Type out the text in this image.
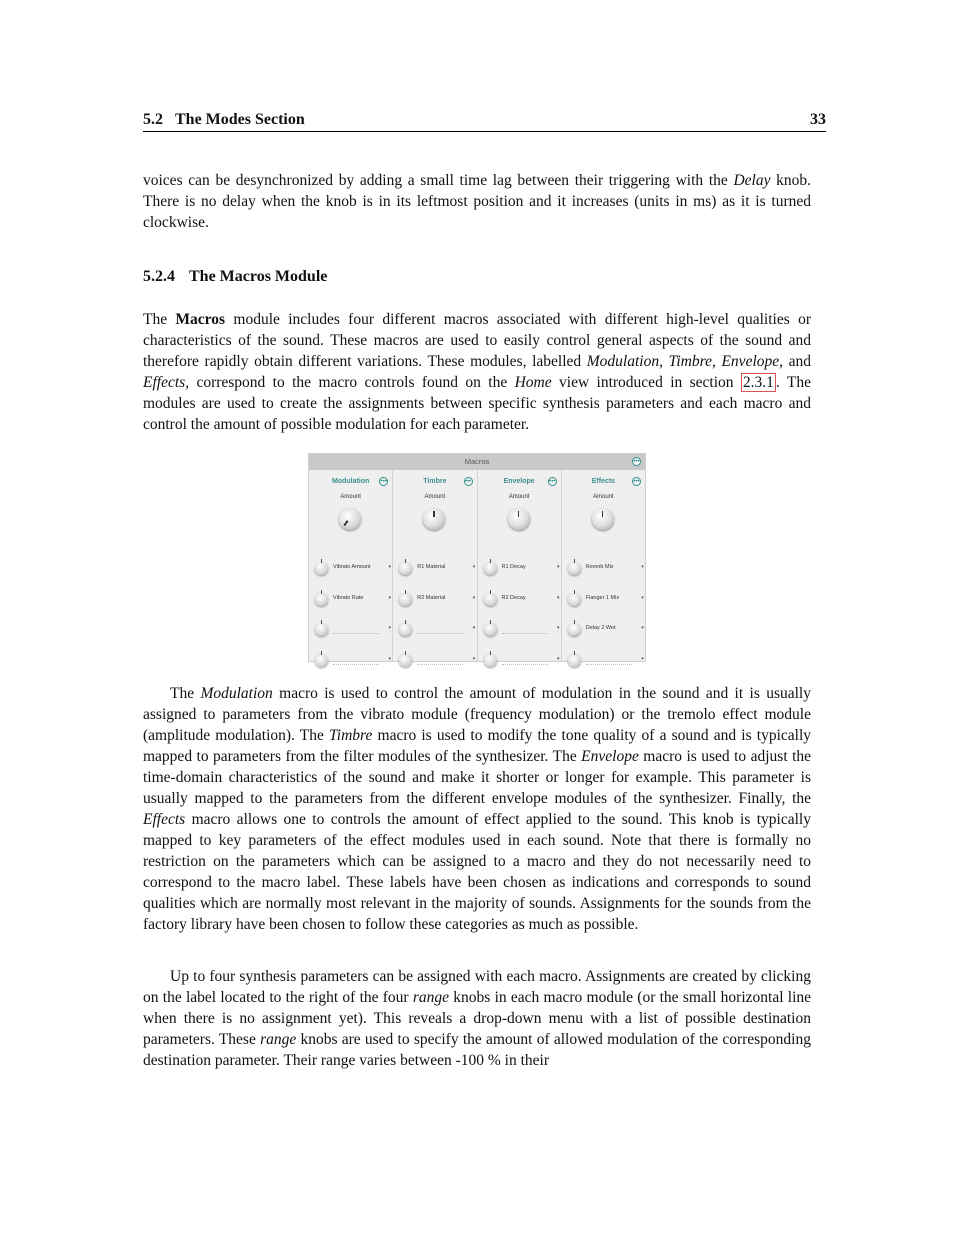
5.2 The Modes Section	33

voices can be desynchronized by adding a small time lag between their triggering with the Delay knob. There is no delay when the knob is in its leftmost position and it increases (units in ms) as it is turned clockwise.

5.2.4 The Macros Module

The Macros module includes four different macros associated with different high-level qualities or characteristics of the sound. These macros are used to easily control general aspects of the sound and therefore rapidly obtain different variations. These modules, labelled Modulation, Timbre, Envelope, and Effects, correspond to the macro controls found on the Home view introduced in section 2.3.1 . The modules are used to create the assignments between specific synthesis parameters and each macro and control the amount of possible modulation for each parameter.

Macros	•••
Modulation	•••
Amount
Vibrato Amount	▾
Vibrato Rate	▾
▾
▾
Timbre	•••
Amount
R1 Material	▾
R2 Material	▾
▾
▾
Envelope	•••
Amount
R1 Decay	▾
R2 Decay	▾
▾
▾
Effects	•••
Amount
Reverb Mix	▾
Flanger 1 Mix	▾
Delay 2 Wet	▾
▾

The Modulation macro is used to control the amount of modulation in the sound and it is usually assigned to parameters from the vibrato module (frequency modulation) or the tremolo effect module (amplitude modulation). The Timbre macro is used to modify the tone quality of a sound and is typically mapped to parameters from the filter modules of the synthesizer. The Envelope macro is used to adjust the time-domain characteristics of the sound and make it shorter or longer for example. This parameter is usually mapped to the parameters from the different envelope modules of the synthesizer. Finally, the Effects macro allows one to controls the amount of effect applied to the sound. This knob is typically mapped to key parameters of the effect modules used in each sound. Note that there is formally no restriction on the parameters which can be assigned to a macro and they do not necessarily need to correspond to the macro label. These labels have been chosen as indications and corresponds to sound qualities which are normally most relevant in the majority of sounds. Assignments for the sounds from the factory library have been chosen to follow these categories as much as possible.

Up to four synthesis parameters can be assigned with each macro. Assignments are created by clicking on the label located to the right of the four range knobs in each macro module (or the small horizontal line when there is no assignment yet). This reveals a drop-down menu with a list of possible destination parameters. These range knobs are used to specify the amount of allowed modulation of the corresponding destination parameter. Their range varies between -100 % in their
